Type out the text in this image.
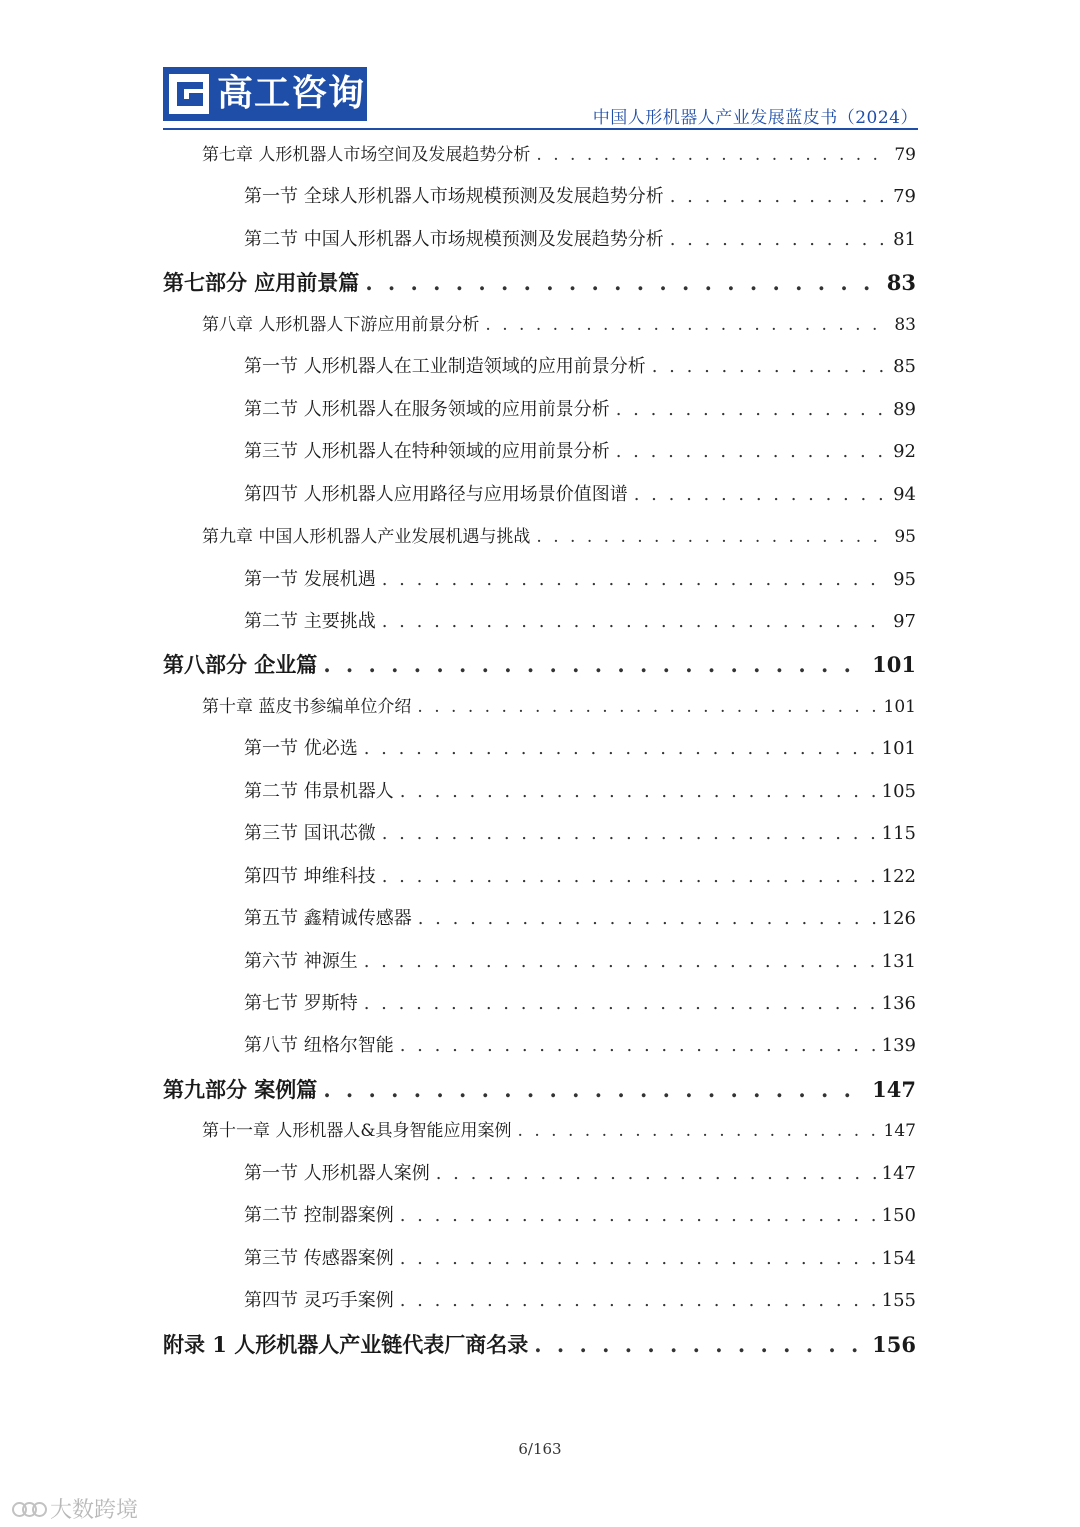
高工咨询
中国人形机器人产业发展蓝皮书（2024）
第七章 人形机器人市场空间及发展趋势分析 . . .	79
第一节 全球人形机器人市场规模预测及发展趋势分析 . . .	79
第二节 中国人形机器人市场规模预测及发展趋势分析 . . .	81
第七部分 应用前景篇 . . .	83
第八章 人形机器人下游应用前景分析 . . .	83
第一节 人形机器人在工业制造领域的应用前景分析 . . .	85
第二节 人形机器人在服务领域的应用前景分析 . . .	89
第三节 人形机器人在特种领域的应用前景分析 . . .	92
第四节 人形机器人应用路径与应用场景价值图谱 . . .	94
第九章 中国人形机器人产业发展机遇与挑战 . . .	95
第一节 发展机遇 . . .	95
第二节 主要挑战 . . .	97
第八部分 企业篇 . . .	101
第十章 蓝皮书参编单位介绍 . . .	101
第一节 优必选 . . .	101
第二节 伟景机器人 . . .	105
第三节 国讯芯微 . . .	115
第四节 坤维科技 . . .	122
第五节 鑫精诚传感器 . . .	126
第六节 神源生 . . .	131
第七节 罗斯特 . . .	136
第八节 纽格尔智能 . . .	139
第九部分 案例篇 . . .	147
第十一章 人形机器人&具身智能应用案例 . . .	147
第一节 人形机器人案例 . . .	147
第二节 控制器案例 . . .	150
第三节 传感器案例 . . .	154
第四节 灵巧手案例 . . .	155
附录 1 人形机器人产业链代表厂商名录 . . .	156
6/163
大数跨境
